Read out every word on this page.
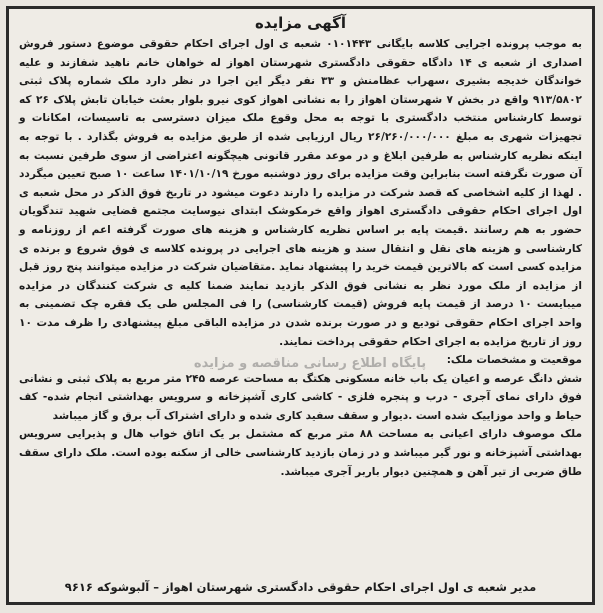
آگهی مزایده

به موجب پرونده اجرایی کلاسه بایگانی ۰۱۰۱۴۴۳ شعبه ی اول اجرای احکام حقوقی موضوع دستور فروش اصداری از شعبه ی ۱۴ دادگاه حقوقی دادگستری شهرستان اهواز له خواهان خانم ناهید شفازند و علیه خواندگان خدیجه بشیری ،سهراب عظامنش و ۳۳ نفر دیگر این اجرا در نظر دارد ملک شماره پلاک ثبتی ۹۱۳/۵۸۰۲ واقع در بخش ۷ شهرستان اهواز را به نشانی اهواز کوی نیرو بلوار بعثت خیابان تابش پلاک ۲۶ که توسط کارشناس منتخب دادگستری با توجه به محل وقوع ملک میزان دسترسی به تاسیسات، امکانات و تجهیزات شهری به مبلغ ۲۶/۲۶۰/۰۰۰/۰۰۰ ریال ارزیابی شده از طریق مزایده به فروش بگذارد . با توجه به اینکه نظریه کارشناس به طرفین ابلاغ و در موعد مقرر قانونی هیچگونه اعتراضی از سوی طرفین نسبت به آن صورت نگرفته است بنابراین وقت مزایده برای روز دوشنبه مورخ ۱۴۰۱/۱۰/۱۹ ساعت ۱۰ صبح تعیین میگردد . لهذا از کلیه اشخاصی که قصد شرکت در مزایده را دارند دعوت میشود در تاریخ فوق الذکر در محل شعبه ی اول اجرای احکام حقوقی دادگستری اهواز واقع خرمکوشک ابتدای نیوسایت مجتمع قضایی شهید تندگویان حضور به هم رسانند .قیمت پایه بر اساس نظریه کارشناس و هزینه های صورت گرفته اعم از روزنامه و کارشناسی و هزینه های نقل و انتقال سند و هزینه های اجرایی در پرونده کلاسه ی فوق شروع و برنده ی مزایده کسی است که بالاترین قیمت خرید را پیشنهاد نماید .متقاضیان شرکت در مزایده میتوانند پنج روز قبل از مزایده از ملک مورد نظر به نشانی فوق الذکر بازدید نمایند ضمنا کلیه ی شرکت کنندگان در مزایده میبایست ۱۰ درصد از قیمت پایه فروش (قیمت کارشناسی) را فی المجلس طی یک فقره چک تضمینی به واحد اجرای احکام حقوقی تودیع و در صورت برنده شدن در مزایده الباقی مبلغ پیشنهادی را ظرف مدت ۱۰ روز از تاریخ مزایده به اجرای احکام حقوقی پرداخت نمایند.

موقعیت و مشخصات ملک:

شش دانگ عرصه و اعیان یک باب خانه مسکونی هکتگ به مساحت عرصه ۲۴۵ متر مربع به پلاک ثبتی و نشانی فوق دارای نمای آجری - درب و پنجره فلزی - کاشی کاری آشپزخانه و سرویس بهداشتی انجام شده- کف حیاط و واحد موزاییک شده است .دیوار و سقف سفید کاری شده و دارای اشتراک آب برق و گاز میباشد

ملک موصوف دارای اعیانی به مساحت ۸۸ متر مربع که مشتمل بر یک اتاق خواب هال و پذیرایی سرویس بهداشتی آشپزخانه و نور گیر میباشد و در زمان بازدید کارشناسی خالی از سکنه بوده است. ملک دارای سقف طاق ضربی از تیر آهن و همچنین دیوار باربر آجری میباشد.

مدیر شعبه ی اول اجرای احکام حقوقی دادگستری شهرستان اهواز – آلبوشوکه ۹۶۱۶
پایگاه اطلاع رسانی مناقصه و مزایده
